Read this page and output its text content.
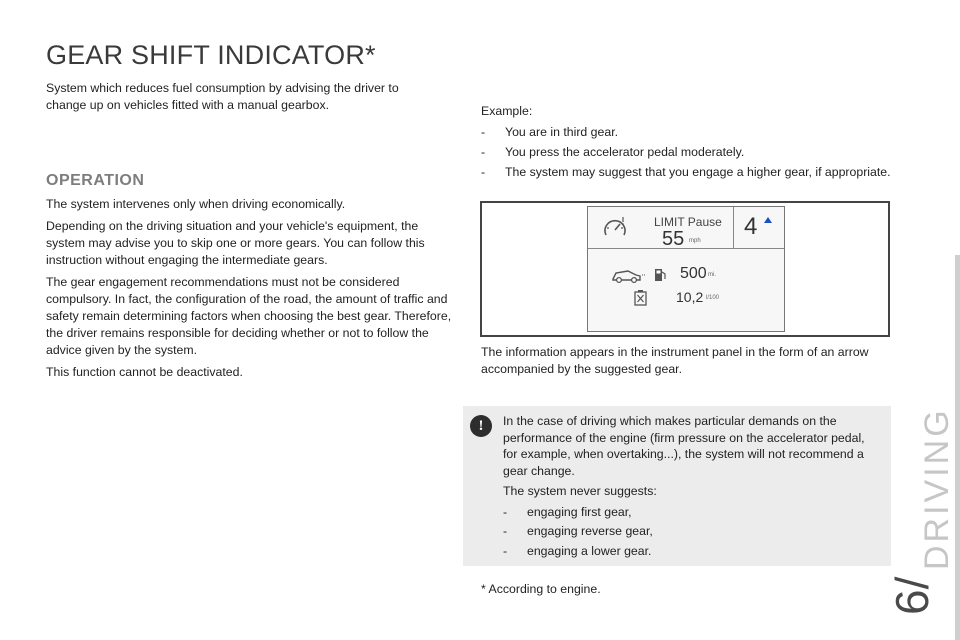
GEAR SHIFT INDICATOR*

System which reduces fuel consumption by advising the driver to change up on vehicles fitted with a manual gearbox.

OPERATION

The system intervenes only when driving economically.

Depending on the driving situation and your vehicle's equipment, the system may advise you to skip one or more gears. You can follow this instruction without engaging the intermediate gears.

The gear engagement recommendations must not be considered compulsory. In fact, the configuration of the road, the amount of traffic and safety remain determining factors when choosing the best gear. Therefore, the driver remains responsible for deciding whether or not to follow the advice given by the system.

This function cannot be deactivated.

Example:

- You are in third gear.
- You press the accelerator pedal moderately.
- The system may suggest that you engage a higher gear, if appropriate.
LIMIT Pause
55 mph
4
500 mi.
10,2 l/100

The information appears in the instrument panel in the form of an arrow accompanied by the suggested gear.

!	In the case of driving which makes particular demands on the performance of the engine (firm pressure on the accelerator pedal, for example, when overtaking...), the system will not recommend a gear change.

The system never suggests:

- engaging first gear,
- engaging reverse gear,
- engaging a lower gear.

* According to engine.

DRIVING
6/
